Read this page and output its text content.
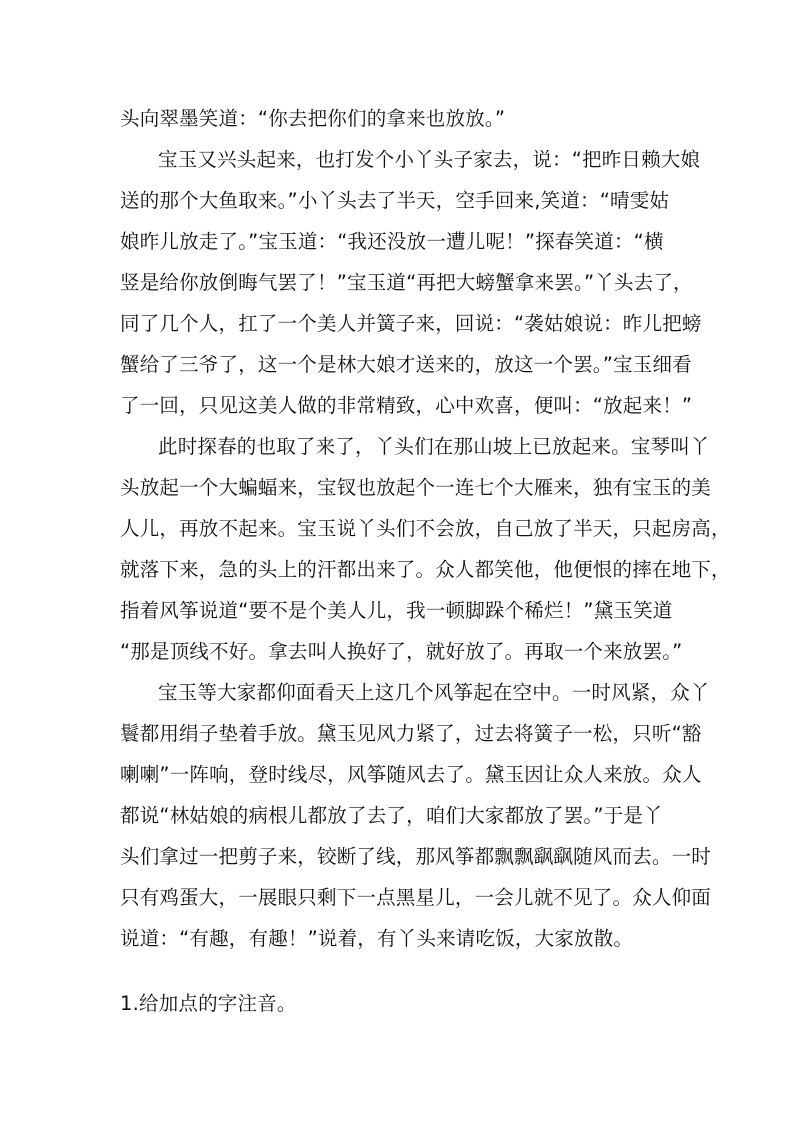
头向翠墨笑道：“你去把你们的拿来也放放。”
宝玉又兴头起来，也打发个小丫头子家去，说：“把昨日赖大娘
送的那个大鱼取来。”小丫头去了半天，空手回来,笑道：“晴雯姑
娘昨儿放走了。”宝玉道：“我还没放一遭儿呢！”探春笑道：“横
竖是给你放倒晦气罢了！”宝玉道“再把大螃蟹拿来罢。”丫头去了，
同了几个人，扛了一个美人并簧子来，回说：“袭姑娘说：昨儿把螃
蟹给了三爷了，这一个是林大娘才送来的，放这一个罢。”宝玉细看
了一回，只见这美人做的非常精致，心中欢喜，便叫：“放起来！”
此时探春的也取了来了，丫头们在那山坡上已放起来。宝琴叫丫
头放起一个大蝙蝠来，宝钗也放起个一连七个大雁来，独有宝玉的美
人儿，再放不起来。宝玉说丫头们不会放，自己放了半天，只起房高，
就落下来，急的头上的汗都出来了。众人都笑他，他便恨的摔在地下，
指着风筝说道“要不是个美人儿，我一顿脚跺个稀烂！”黛玉笑道
“那是顶线不好。拿去叫人换好了，就好放了。再取一个来放罢。”
宝玉等大家都仰面看天上这几个风筝起在空中。一时风紧，众丫
鬟都用绢子垫着手放。黛玉见风力紧了，过去将簧子一松，只听“豁
喇喇”一阵响，登时线尽，风筝随风去了。黛玉因让众人来放。众人
都说“林姑娘的病根儿都放了去了，咱们大家都放了罢。”于是丫
头们拿过一把剪子来，铰断了线，那风筝都飘飘飖飖随风而去。一时
只有鸡蛋大，一展眼只剩下一点黑星儿，一会儿就不见了。众人仰面
说道：“有趣，有趣！”说着，有丫头来请吃饭，大家放散。
1.给加点的字注音。
